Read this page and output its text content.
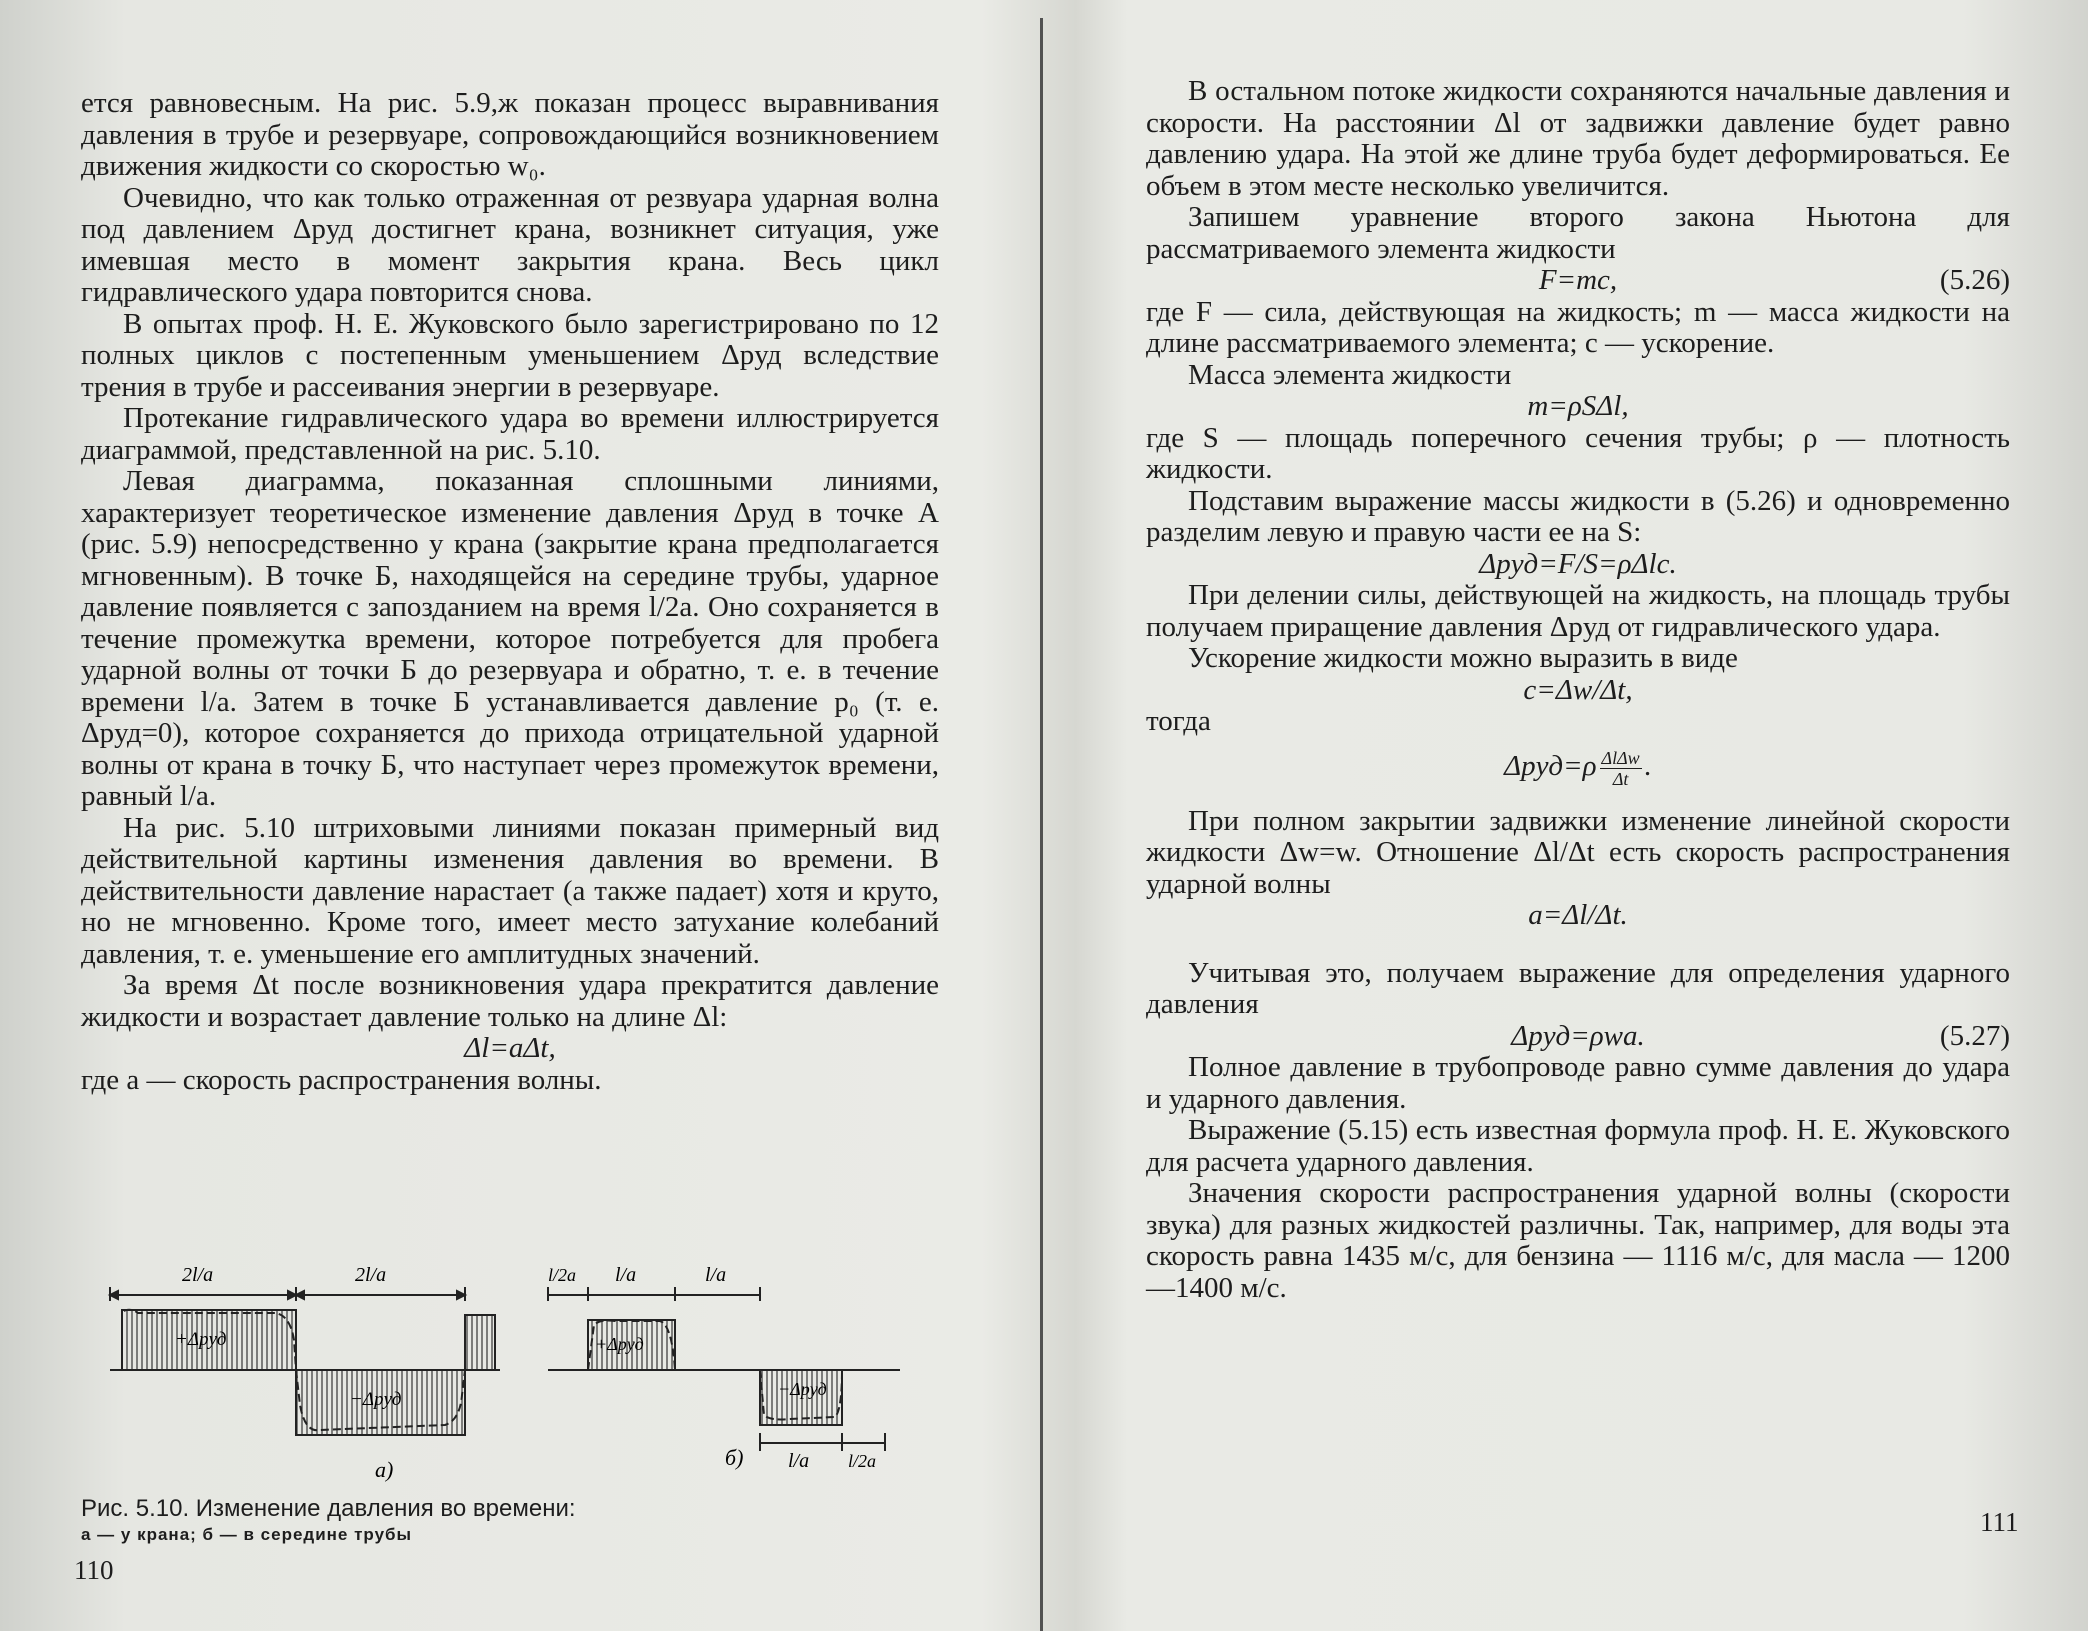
ется равновесным. На рис. 5.9,ж показан процесс выравнивания давления в трубе и резервуаре, сопровождающийся возникновением движения жидкости со скоростью w₀.

Очевидно, что как только отраженная от резвуара ударная волна под давлением Δpуд достигнет крана, возникнет ситуация, уже имевшая место в момент закрытия крана. Весь цикл гидравлического удара повторится снова.

В опытах проф. Н. Е. Жуковского было зарегистрировано по 12 полных циклов с постепенным уменьшением Δpуд вследствие трения в трубе и рассеивания энергии в резервуаре.

Протекание гидравлического удара во времени иллюстрируется диаграммой, представленной на рис. 5.10.

Левая диаграмма, показанная сплошными линиями, характеризует теоретическое изменение давления Δpуд в точке A (рис. 5.9) непосредственно у крана (закрытие крана предполагается мгновенным). В точке Б, находящейся на середине трубы, ударное давление появляется с запозданием на время l/2a. Оно сохраняется в течение промежутка времени, которое потребуется для пробега ударной волны от точки Б до резервуара и обратно, т. е. в течение времени l/a. Затем в точке Б устанавливается давление p₀ (т. е. Δpуд=0), которое сохраняется до прихода отрицательной ударной волны от крана в точку Б, что наступает через промежуток времени, равный l/a.

На рис. 5.10 штриховыми линиями показан примерный вид действительной картины изменения давления во времени. В действительности давление нарастает (а также падает) хотя и круто, но не мгновенно. Кроме того, имеет место затухание колебаний давления, т. е. уменьшение его амплитудных значений.

За время Δt после возникновения удара прекратится давление жидкости и возрастает давление только на длине Δl:

Δl=aΔt,

где a — скорость распространения волны.

2l/a	2l/a
+Δpуд
−Δpуд
а)
l/2a l/a	l/a
+Δpуд
−Δpуд
б) l/a l/2a
Рис. 5.10. Изменение давления во времени:
а — у крана; б — в середине трубы
110

В остальном потоке жидкости сохраняются начальные давления и скорости. На расстоянии Δl от задвижки давление будет равно давлению удара. На этой же длине труба будет деформироваться. Ее объем в этом месте несколько увеличится.

Запишем уравнение второго закона Ньютона для рассматриваемого элемента жидкости

F=mc,	(5.26)

где F — сила, действующая на жидкость; m — масса жидкости на длине рассматриваемого элемента; c — ускорение.

Масса элемента жидкости

m=ρSΔl,

где S — площадь поперечного сечения трубы; ρ — плотность жидкости.

Подставим выражение массы жидкости в (5.26) и одновременно разделим левую и правую части ее на S:

Δpуд=F/S=ρΔlc.

При делении силы, действующей на жидкость, на площадь трубы получаем приращение давления Δpуд от гидравлического удара.

Ускорение жидкости можно выразить в виде

c=Δw/Δt,

тогда

$\Delta pуд=\rho \frac{\text{ΔlΔw}}{\Delta t}$ .

При полном закрытии задвижки изменение линейной скорости жидкости Δw=w. Отношение Δl/Δt есть скорость распространения ударной волны

a=Δl/Δt.

Учитывая это, получаем выражение для определения ударного давления

Δpуд=ρwa.	(5.27)

Полное давление в трубопроводе равно сумме давления до удара и ударного давления.

Выражение (5.15) есть известная формула проф. Н. Е. Жуковского для расчета ударного давления.

Значения скорости распространения ударной волны (скорости звука) для разных жидкостей различны. Так, например, для воды эта скорость равна 1435 м/с, для бензина — 1116 м/с, для масла — 1200—1400 м/с.

111
